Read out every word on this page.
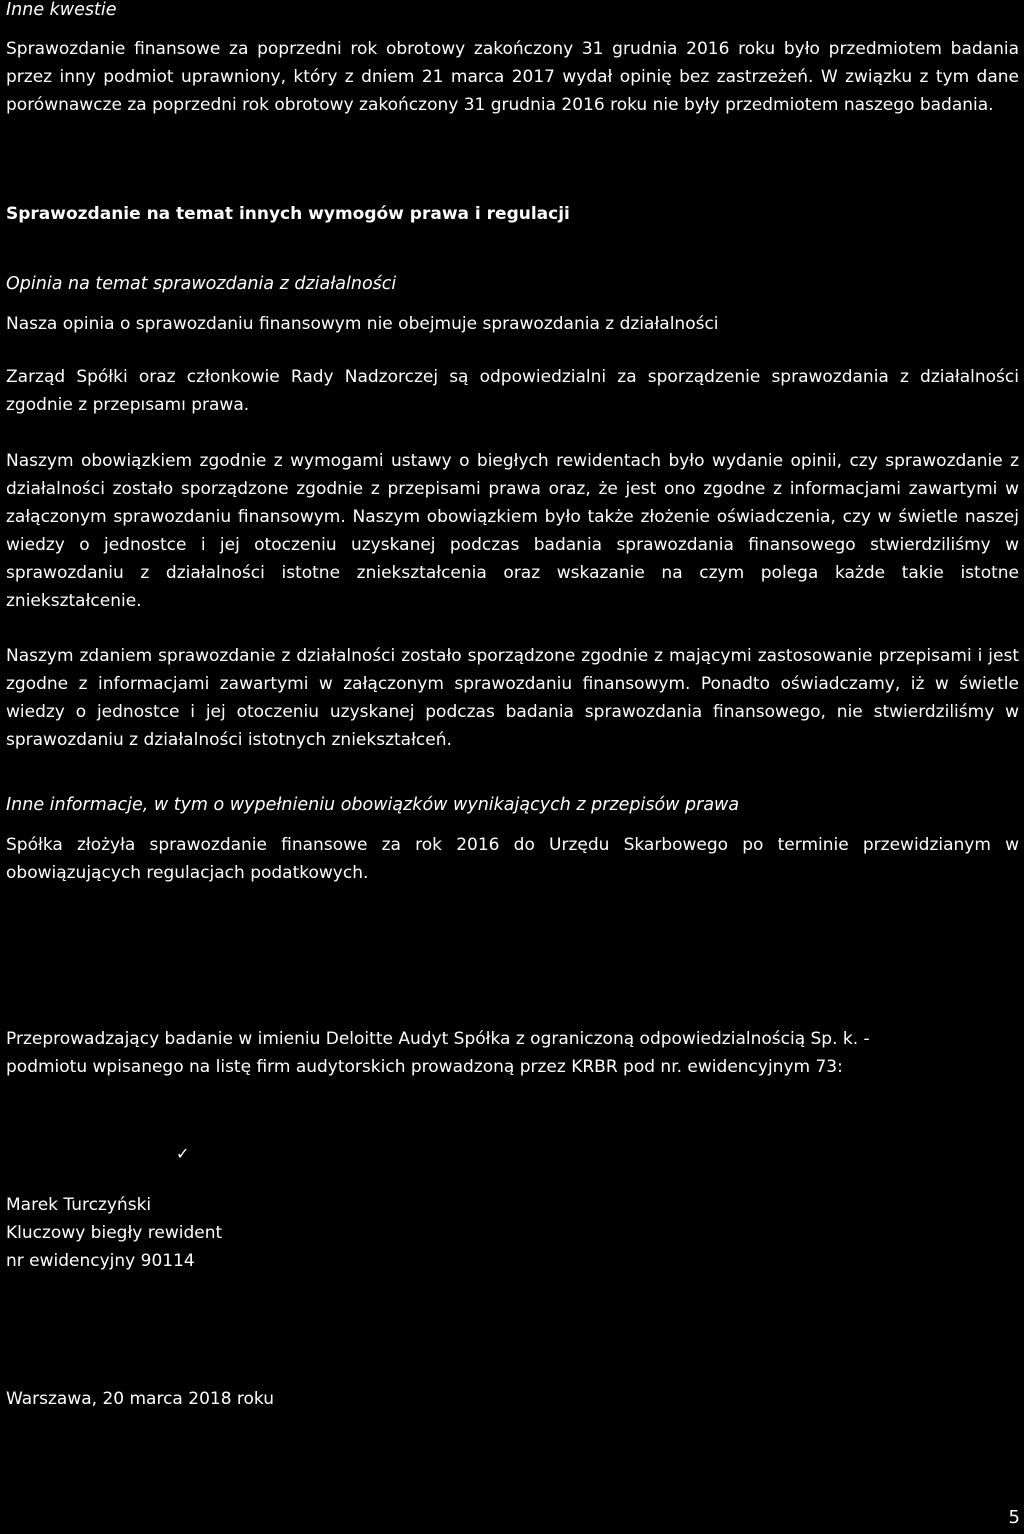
Inne kwestie

Sprawozdanie finansowe za poprzedni rok obrotowy zakończony 31 grudnia 2016 roku było przedmiotem badania przez inny podmiot uprawniony, który z dniem 21 marca 2017 wydał opinię bez zastrzeżeń. W związku z tym dane porównawcze za poprzedni rok obrotowy zakończony 31 grudnia 2016 roku nie były przedmiotem naszego badania.

Sprawozdanie na temat innych wymogów prawa i regulacji
Opinia na temat sprawozdania z działalności

Nasza opinia o sprawozdaniu finansowym nie obejmuje sprawozdania z działalności

Zarząd Spółki oraz członkowie Rady Nadzorczej są odpowiedzialni za sporządzenie sprawozdania z działalności zgodnie z przepısamı prawa.

Naszym obowiązkiem zgodnie z wymogami ustawy o biegłych rewidentach było wydanie opinii, czy sprawozdanie z działalności zostało sporządzone zgodnie z przepisami prawa oraz, że jest ono zgodne z informacjami zawartymi w załączonym sprawozdaniu finansowym. Naszym obowiązkiem było także złożenie oświadczenia, czy w świetle naszej wiedzy o jednostce i jej otoczeniu uzyskanej podczas badania sprawozdania finansowego stwierdziliśmy w sprawozdaniu z działalności istotne zniekształcenia oraz wskazanie na czym polega każde takie istotne zniekształcenie.

Naszym zdaniem sprawozdanie z działalności zostało sporządzone zgodnie z mającymi zastosowanie przepisami i jest zgodne z informacjami zawartymi w załączonym sprawozdaniu finansowym. Ponadto oświadczamy, iż w świetle wiedzy o jednostce i jej otoczeniu uzyskanej podczas badania sprawozdania finansowego, nie stwierdziliśmy w sprawozdaniu z działalności istotnych zniekształceń.

Inne informacje, w tym o wypełnieniu obowiązków wynikających z przepisów prawa

Spółka złożyła sprawozdanie finansowe za rok 2016 do Urzędu Skarbowego po terminie przewidzianym w obowiązujących regulacjach podatkowych.

Przeprowadzający badanie w imieniu Deloitte Audyt Spółka z ograniczoną odpowiedzialnością Sp. k. -
podmiotu wpisanego na listę firm audytorskich prowadzoną przez KRBR pod nr. ewidencyjnym 73:
✓
Marek Turczyński
Kluczowy biegły rewident
nr ewidencyjny 90114
Warszawa, 20 marca 2018 roku
5
